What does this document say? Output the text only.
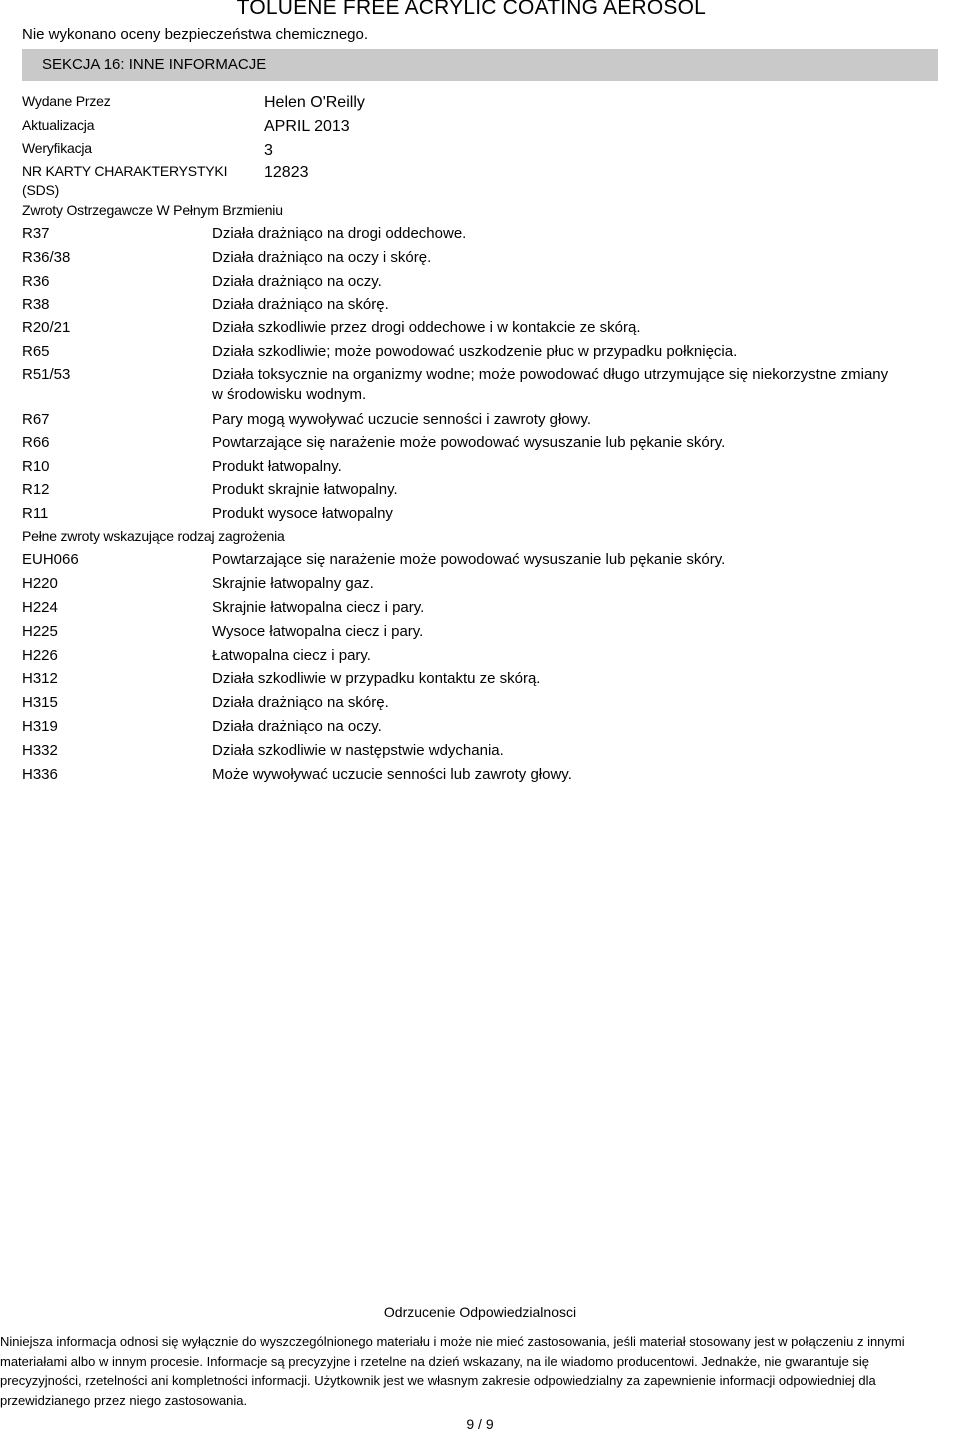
TOLUENE FREE ACRYLIC COATING AEROSOL
Nie wykonano oceny bezpieczeństwa chemicznego.
SEKCJA 16: INNE INFORMACJE
Wydane Przez	Helen O'Reilly
Aktualizacja	APRIL 2013
Weryfikacja	3
NR KARTY CHARAKTERYSTYKI 12823
(SDS)
Zwroty Ostrzegawcze W Pełnym Brzmieniu
R37	Działa drażniąco na drogi oddechowe.
R36/38	Działa drażniąco na oczy i skórę.
R36	Działa drażniąco na oczy.
R38	Działa drażniąco na skórę.
R20/21	Działa szkodliwie przez drogi oddechowe i w kontakcie ze skórą.
R65	Działa szkodliwie; może powodować uszkodzenie płuc w przypadku połknięcia.
R51/53	Działa toksycznie na organizmy wodne; może powodować długo utrzymujące się niekorzystne zmiany w środowisku wodnym.
R67	Pary mogą wywoływać uczucie senności i zawroty głowy.
R66	Powtarzające się narażenie może powodować wysuszanie lub pękanie skóry.
R10	Produkt łatwopalny.
R12	Produkt skrajnie łatwopalny.
R11	Produkt wysoce łatwopalny
Pełne zwroty wskazujące rodzaj zagrożenia
EUH066	Powtarzające się narażenie może powodować wysuszanie lub pękanie skóry.
H220	Skrajnie łatwopalny gaz.
H224	Skrajnie łatwopalna ciecz i pary.
H225	Wysoce łatwopalna ciecz i pary.
H226	Łatwopalna ciecz i pary.
H312	Działa szkodliwie w przypadku kontaktu ze skórą.
H315	Działa drażniąco na skórę.
H319	Działa drażniąco na oczy.
H332	Działa szkodliwie w następstwie wdychania.
H336	Może wywoływać uczucie senności lub zawroty głowy.
Odrzucenie Odpowiedzialnosci
Niniejsza informacja odnosi się wyłącznie do wyszczególnionego materiału i może nie mieć zastosowania, jeśli materiał stosowany jest w połączeniu z innymi materiałami albo w innym procesie. Informacje są precyzyjne i rzetelne na dzień wskazany, na ile wiadomo producentowi. Jednakże, nie gwarantuje się precyzyjności, rzetelności ani kompletności informacji. Użytkownik jest we własnym zakresie odpowiedzialny za zapewnienie informacji odpowiedniej dla przewidzianego przez niego zastosowania.
9 / 9
